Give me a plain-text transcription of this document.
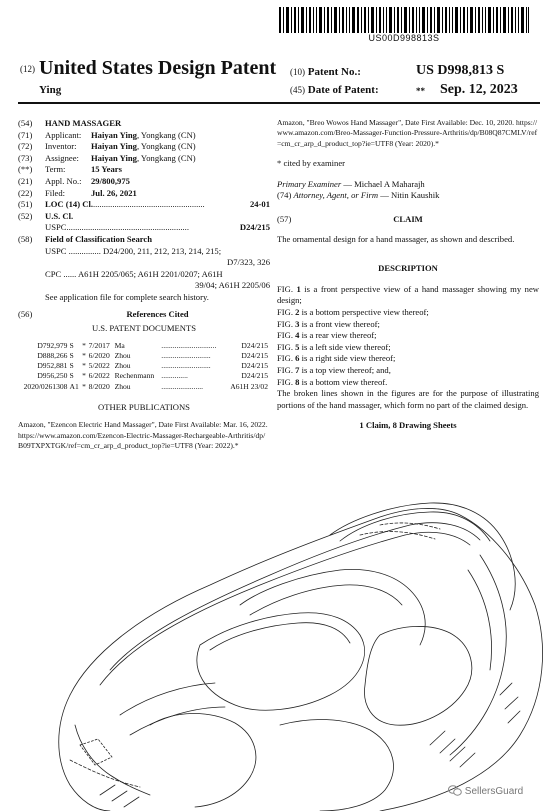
US00D998813S
(12) United States Design Patent
Ying
(10) Patent No.:	US D998,813 S
(45) Date of Patent:	** Sep. 12, 2023
(54)	HAND MASSAGER
(71)	Applicant:	Haiyan Ying , Yongkang (CN)
(72)	Inventor:	Haiyan Ying , Yongkang (CN)
(73)	Assignee:	Haiyan Ying , Yongkang (CN)
(**)	Term:	15 Years
(21)	Appl. No.:	29/800,975
(22)	Filed:	Jul. 26, 2021
(51)	LOC (14) Cl. ....................................................	24-01
(52)	U.S. Cl.
USPC .........................................................	D24/215
(58)	Field of Classification Search
USPC ............... D24/200, 211, 212, 213, 214, 215;
D7/323, 326
CPC ...... A61H 2205/065; A61H 2201/0207; A61H
39/04; A61H 2205/06
See application file for complete search history.
(56)	References Cited
U.S. PATENT DOCUMENTS
D792,979	S	*	7/2017	Ma	.............................	D24/215
D888,266	S	*	6/2020	Zhou	..........................	D24/215
D952,881	S	*	5/2022	Zhou	..........................	D24/215
D956,250	S	*	6/2022	Rechenmann	..............	D24/215
2020/0261308	A1	*	8/2020	Zhou	......................	A61H 23/02
OTHER PUBLICATIONS
Amazon, "Ezencon Electric Hand Massager", Date First Available: Mar. 16, 2022. https://www.amazon.com/Ezencon-Electric-Massager-Rechargeable-Arthritis/dp/B09TXPXTGK/ref=cm_cr_arp_d_product_top?ie=UTF8 (Year: 2022).*
Amazon, "Breo Wowos Hand Massager", Date First Available: Dec. 10, 2020. https://www.amazon.com/Breo-Massager-Function-Pressure-Arthritis/dp/B08Q87CMLV/ref=cm_cr_arp_d_product_top?ie=UTF8 (Year: 2020).*
* cited by examiner
Primary Examiner — Michael A Maharajh
(74) Attorney, Agent, or Firm — Nitin Kaushik
(57)	CLAIM
The ornamental design for a hand massager, as shown and described.
DESCRIPTION
FIG. 1 is a front perspective view of a hand massager showing my new design;
FIG. 2 is a bottom perspective view thereof;
FIG. 3 is a front view thereof;
FIG. 4 is a rear view thereof;
FIG. 5 is a left side view thereof;
FIG. 6 is a right side view thereof;
FIG. 7 is a top view thereof; and,
FIG. 8 is a bottom view thereof.
The broken lines shown in the figures are for the purpose of illustrating portions of the hand massager, which form no part of the claimed design.
1 Claim, 8 Drawing Sheets
SellersGuard
